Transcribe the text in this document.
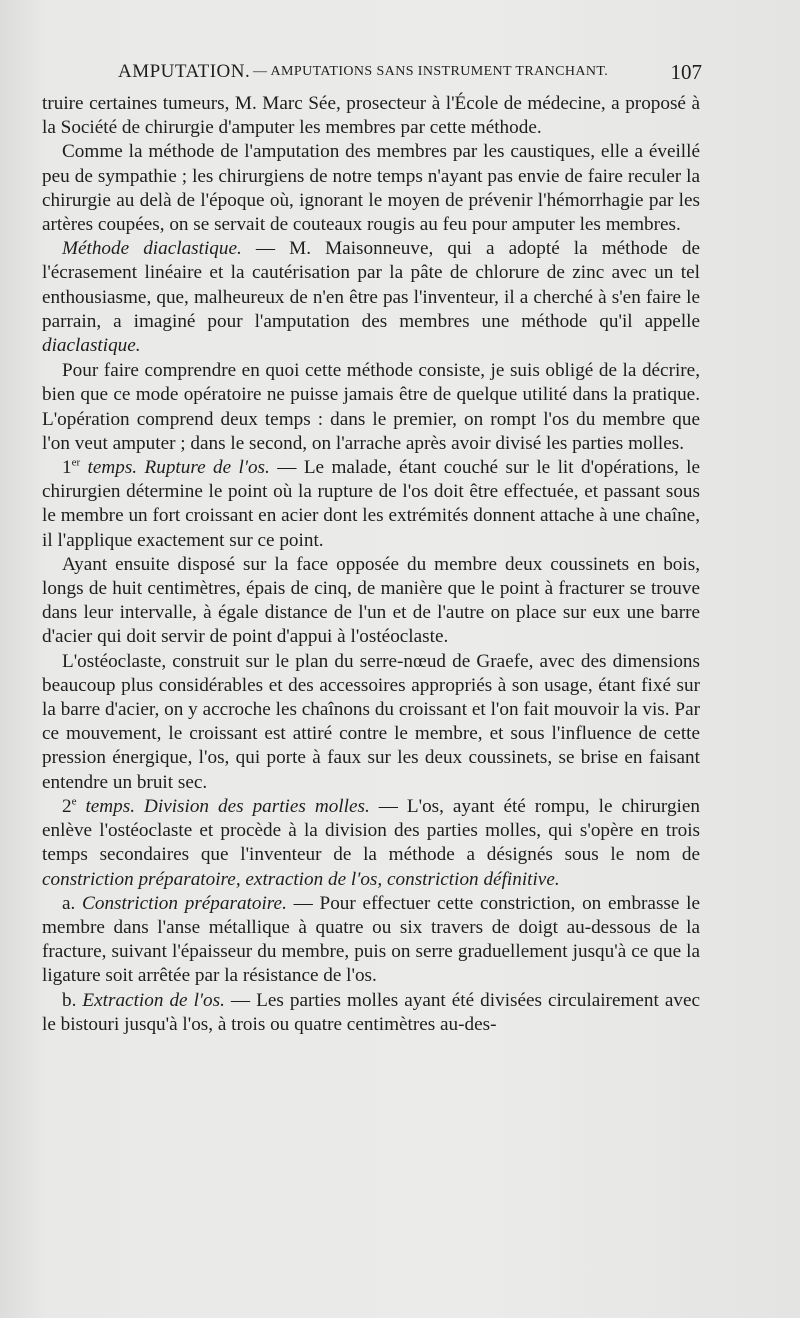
AMPUTATION. — AMPUTATIONS SANS INSTRUMENT TRANCHANT.	107

truire certaines tumeurs, M. Marc Sée, prosecteur à l'École de médecine, a proposé à la Société de chirurgie d'amputer les membres par cette méthode.

Comme la méthode de l'amputation des membres par les caustiques, elle a éveillé peu de sympathie ; les chirurgiens de notre temps n'ayant pas envie de faire reculer la chirurgie au delà de l'époque où, ignorant le moyen de prévenir l'hémorrhagie par les artères coupées, on se servait de couteaux rougis au feu pour amputer les membres.

Méthode diaclastique. — M. Maisonneuve, qui a adopté la méthode de l'écrasement linéaire et la cautérisation par la pâte de chlorure de zinc avec un tel enthousiasme, que, malheureux de n'en être pas l'inventeur, il a cherché à s'en faire le parrain, a imaginé pour l'amputation des membres une méthode qu'il appelle diaclastique.

Pour faire comprendre en quoi cette méthode consiste, je suis obligé de la décrire, bien que ce mode opératoire ne puisse jamais être de quelque utilité dans la pratique. L'opération comprend deux temps : dans le premier, on rompt l'os du membre que l'on veut amputer ; dans le second, on l'arrache après avoir divisé les parties molles.

1er temps. Rupture de l'os. — Le malade, étant couché sur le lit d'opérations, le chirurgien détermine le point où la rupture de l'os doit être effectuée, et passant sous le membre un fort croissant en acier dont les extrémités donnent attache à une chaîne, il l'applique exactement sur ce point.

Ayant ensuite disposé sur la face opposée du membre deux coussinets en bois, longs de huit centimètres, épais de cinq, de manière que le point à fracturer se trouve dans leur intervalle, à égale distance de l'un et de l'autre on place sur eux une barre d'acier qui doit servir de point d'appui à l'ostéoclaste.

L'ostéoclaste, construit sur le plan du serre-nœud de Graefe, avec des dimensions beaucoup plus considérables et des accessoires appropriés à son usage, étant fixé sur la barre d'acier, on y accroche les chaînons du croissant et l'on fait mouvoir la vis. Par ce mouvement, le croissant est attiré contre le membre, et sous l'influence de cette pression énergique, l'os, qui porte à faux sur les deux coussinets, se brise en faisant entendre un bruit sec.

2e temps. Division des parties molles. — L'os, ayant été rompu, le chirurgien enlève l'ostéoclaste et procède à la division des parties molles, qui s'opère en trois temps secondaires que l'inventeur de la méthode a désignés sous le nom de constriction préparatoire, extraction de l'os, constriction définitive.

a. Constriction préparatoire. — Pour effectuer cette constriction, on embrasse le membre dans l'anse métallique à quatre ou six travers de doigt au-dessous de la fracture, suivant l'épaisseur du membre, puis on serre graduellement jusqu'à ce que la ligature soit arrêtée par la résistance de l'os.

b. Extraction de l'os. — Les parties molles ayant été divisées circulairement avec le bistouri jusqu'à l'os, à trois ou quatre centimètres au-des-
